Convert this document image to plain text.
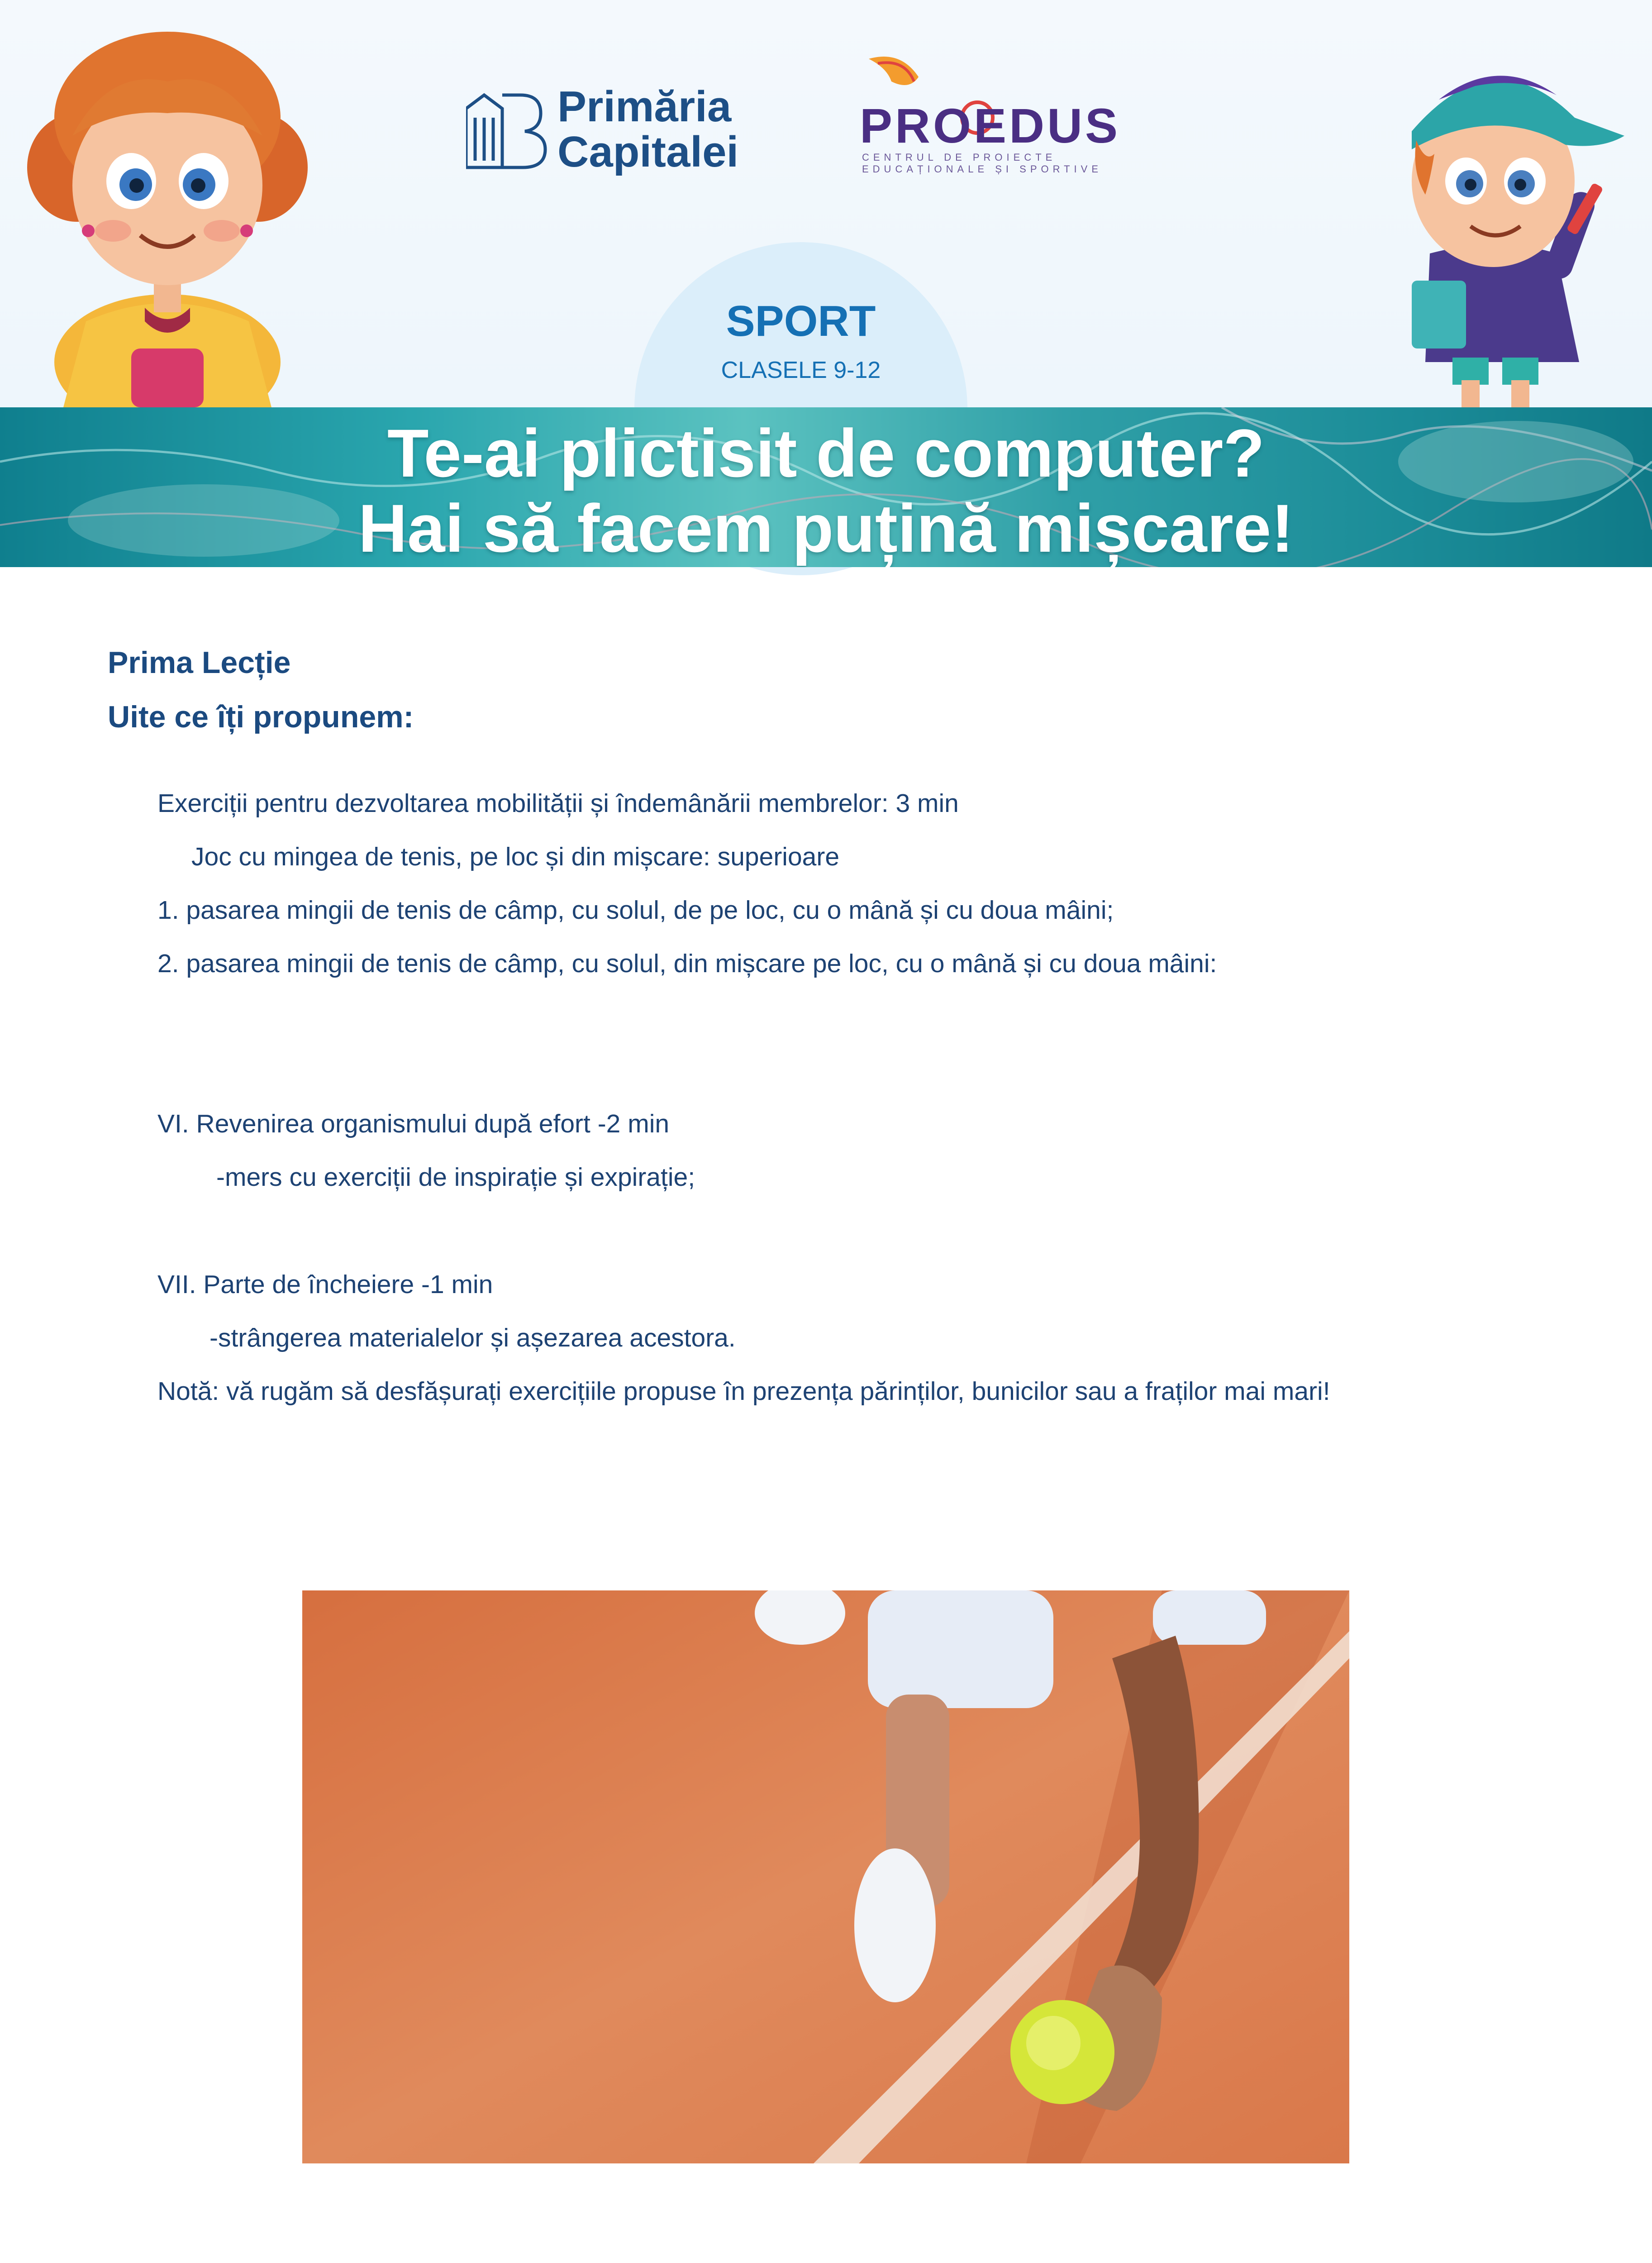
Primăria
Capitalei PROEDUS
CENTRUL DE PROIECTE
EDUCAȚIONALE ȘI SPORTIVE
SPORT
CLASELE 9-12
Te-ai plictisit de computer?
Hai să facem puțină mișcare!
Prima Lecție
Uite ce îți propunem:
Exerciții pentru dezvoltarea mobilității și îndemânării membrelor: 3 min
Joc cu mingea de tenis, pe loc și din mișcare: superioare
1. pasarea mingii de tenis de câmp, cu solul, de pe loc, cu o mână și cu doua mâini;
2. pasarea mingii de tenis de câmp, cu solul, din mișcare pe loc, cu o mână și cu doua mâini:
VI. Revenirea organismului după efort -2 min
-mers cu exerciții de inspirație și expirație;
VII. Parte de încheiere -1 min
-strângerea materialelor și așezarea acestora.
Notă: vă rugăm să desfășurați exercițiile propuse în prezența părinților, bunicilor sau a fraților mai mari!
